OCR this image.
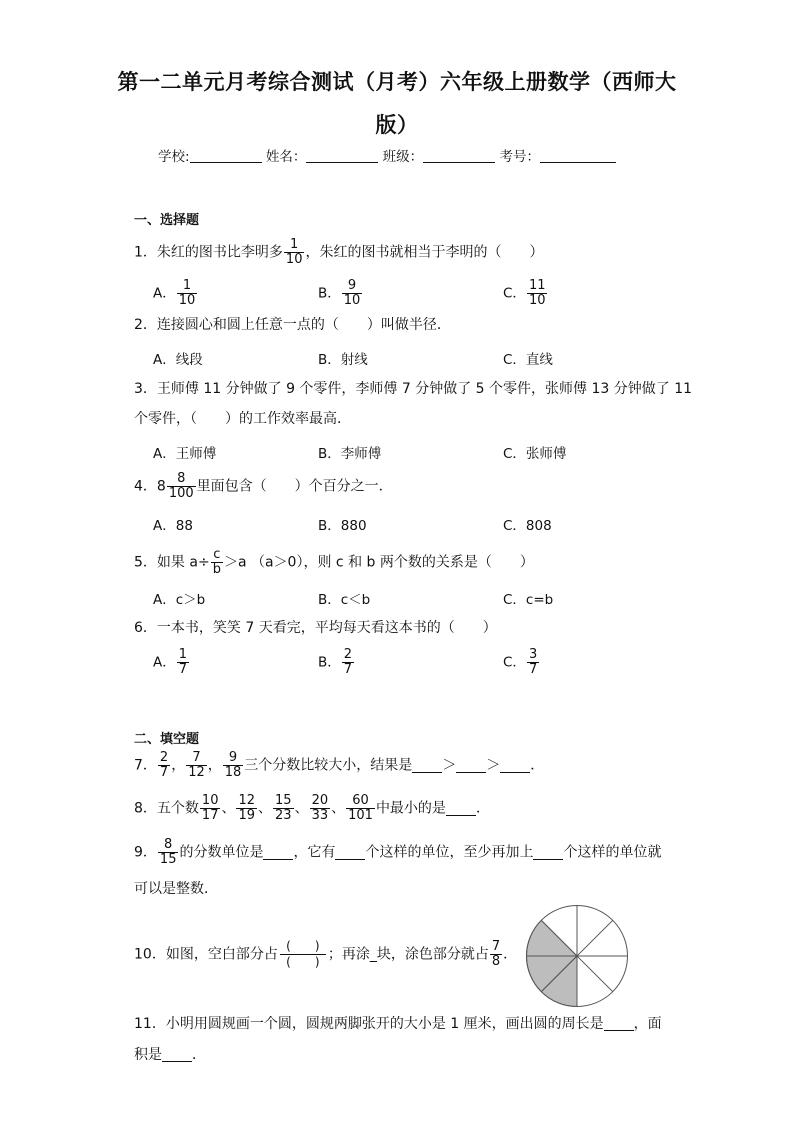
第一二单元月考综合测试（月考）六年级上册数学（西师大
版）
学校:	姓名：	班级：	考号：
一、选择题
1．朱红的图书比李明多 $\frac{1}{10}$ ，朱红的图书就相当于李明的（　　）
A． $\frac{1}{10}$	B． $\frac{9}{10}$	C． $\frac{11}{10}$
2．连接圆心和圆上任意一点的（　　）叫做半径．
A．线段	B．射线	C．直线
3．王师傅 11 分钟做了 9 个零件，李师傅 7 分钟做了 5 个零件，张师傅 13 分钟做了 11
个零件，（　　）的工作效率最高．
A．王师傅	B．李师傅	C．张师傅
4．$8 \frac{8}{100}$ 里面包含（　　）个百分之一．
A．88	B．880	C．808
5．如果 $a\div \frac{c}{b} >a$ （a＞0），则 c 和 b 两个数的关系是（　　）
A．c＞b	B．c＜b	C．c=b
6．一本书，笑笑 7 天看完，平均每天看这本书的（　　）
A． $\frac{1}{7}$	B． $\frac{2}{7}$	C． $\frac{3}{7}$
二、填空题
7． $\frac{2}{7}$ ， $\frac{7}{12}$ ， $\frac{9}{18}$ 三个分数比较大小，结果是 ＞ ＞ ．
8．五个数 $\frac{10}{17}$ 、 $\frac{12}{19}$ 、 $\frac{15}{23}$ 、 $\frac{20}{33}$ 、 $\frac{60}{101}$ 中最小的是 ．
9． $\frac{8}{15}$ 的分数单位是 ，它有 个这样的单位，至少再加上 个这样的单位就
可以是整数．
10．如图，空白部分占
(　　)
(　　) ；再涂_块，涂色部分就占 $\frac{7}{8}$ ．
11．小明用圆规画一个圆，圆规两脚张开的大小是 1 厘米，画出圆的周长是 ，面
积是 ．
